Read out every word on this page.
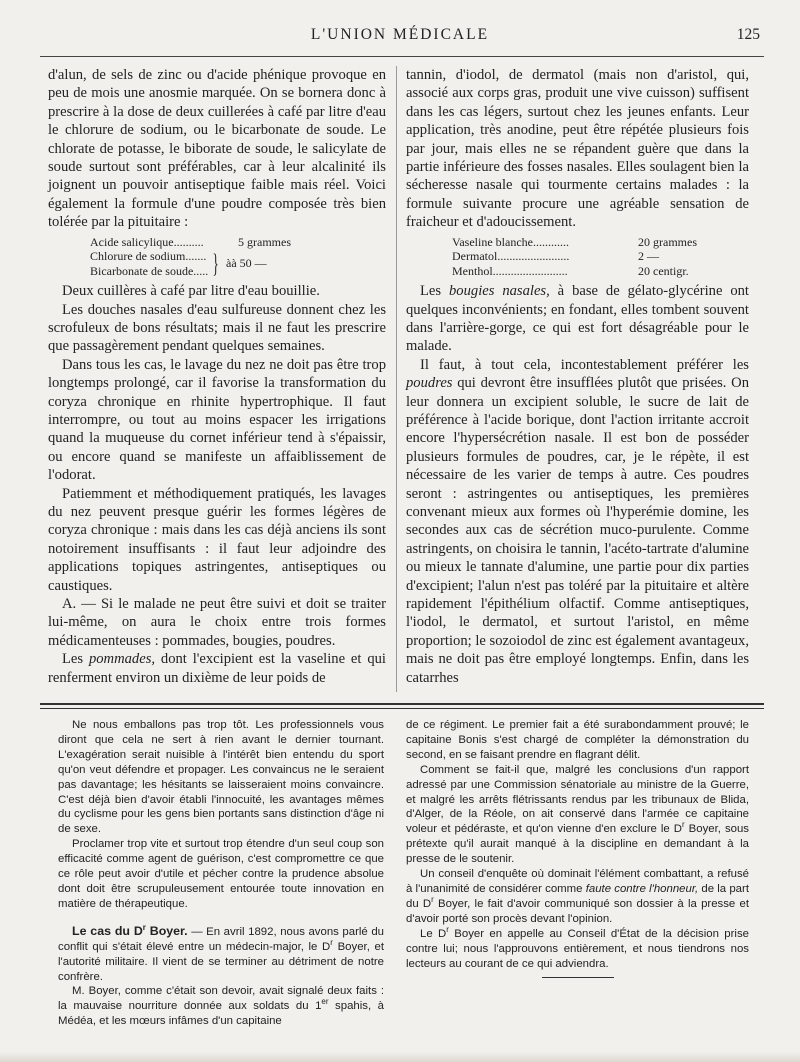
L'UNION MÉDICALE	125

d'alun, de sels de zinc ou d'acide phénique provoque en peu de mois une anosmie marquée. On se bornera donc à prescrire à la dose de deux cuillerées à café par litre d'eau le chlorure de sodium, ou le bicarbonate de soude. Le chlorate de potasse, le biborate de soude, le salicylate de soude surtout sont préférables, car à leur alcalinité ils joignent un pouvoir antiseptique faible mais réel. Voici également la formule d'une poudre composée très bien tolérée par la pituitaire :

Acide salicylique..........	5 grammes
Chlorure de sodium.......
Bicarbonate de soude..... } àà 50 —

Deux cuillères à café par litre d'eau bouillie.

Les douches nasales d'eau sulfureuse donnent chez les scrofuleux de bons résultats; mais il ne faut les prescrire que passagèrement pendant quelques semaines.

Dans tous les cas, le lavage du nez ne doit pas être trop longtemps prolongé, car il favorise la transformation du coryza chronique en rhinite hypertrophique. Il faut interrompre, ou tout au moins espacer les irrigations quand la muqueuse du cornet inférieur tend à s'épaissir, ou encore quand se manifeste un affaiblissement de l'odorat.

Patiemment et méthodiquement pratiqués, les lavages du nez peuvent presque guérir les formes légères de coryza chronique : mais dans les cas déjà anciens ils sont notoirement insuffisants : il faut leur adjoindre des applications topiques astringentes, antiseptiques ou caustiques.

A. — Si le malade ne peut être suivi et doit se traiter lui-même, on aura le choix entre trois formes médicamenteuses : pommades, bougies, poudres.

Les pommades, dont l'excipient est la vaseline et qui renferment environ un dixième de leur poids de

tannin, d'iodol, de dermatol (mais non d'aristol, qui, associé aux corps gras, produit une vive cuisson) suffisent dans les cas légers, surtout chez les jeunes enfants. Leur application, très anodine, peut être répétée plusieurs fois par jour, mais elles ne se répandent guère que dans la partie inférieure des fosses nasales. Elles soulagent bien la sécheresse nasale qui tourmente certains malades : la formule suivante procure une agréable sensation de fraicheur et d'adoucissement.

Vaseline blanche............	20 grammes
Dermatol........................	2 —
Menthol.........................	20 centigr.

Les bougies nasales, à base de gélato-glycérine ont quelques inconvénients; en fondant, elles tombent souvent dans l'arrière-gorge, ce qui est fort désagréable pour le malade.

Il faut, à tout cela, incontestablement préférer les poudres qui devront être insufflées plutôt que prisées. On leur donnera un excipient soluble, le sucre de lait de préférence à l'acide borique, dont l'action irritante accroit encore l'hypersécrétion nasale. Il est bon de posséder plusieurs formules de poudres, car, je le répète, il est nécessaire de les varier de temps à autre. Ces poudres seront : astringentes ou antiseptiques, les premières convenant mieux aux formes où l'hyperémie domine, les secondes aux cas de sécrétion muco-purulente. Comme astringents, on choisira le tannin, l'acéto-tartrate d'alumine ou mieux le tannate d'alumine, une partie pour dix parties d'excipient; l'alun n'est pas toléré par la pituitaire et altère rapidement l'épithélium olfactif. Comme antiseptiques, l'iodol, le dermatol, et surtout l'aristol, en même proportion; le sozoiodol de zinc est également avantageux, mais ne doit pas être employé longtemps. Enfin, dans les catarrhes

Ne nous emballons pas trop tôt. Les professionnels vous diront que cela ne sert à rien avant le dernier tournant. L'exagération serait nuisible à l'intérêt bien entendu du sport qu'on veut défendre et propager. Les convaincus ne le seraient pas davantage; les hésitants se laisseraient moins convaincre. C'est déjà bien d'avoir établi l'innocuité, les avantages mêmes du cyclisme pour les gens bien portants sans distinction d'âge ni de sexe.

Proclamer trop vite et surtout trop étendre d'un seul coup son efficacité comme agent de guérison, c'est compromettre ce que ce rôle peut avoir d'utile et pécher contre la prudence absolue dont doit être scrupuleusement entourée toute innovation en matière de thérapeutique.

Le cas du $D^r$ Boyer. — En avril 1892, nous avons parlé du conflit qui s'était élevé entre un médecin-major, le $D^r$ Boyer, et l'autorité militaire. Il vient de se terminer au détriment de notre confrère.

M. Boyer, comme c'était son devoir, avait signalé deux faits : la mauvaise nourriture donnée aux soldats du 1er spahis, à Médéa, et les mœurs infâmes d'un capitaine

de ce régiment. Le premier fait a été surabondamment prouvé; le capitaine Bonis s'est chargé de compléter la démonstration du second, en se faisant prendre en flagrant délit.

Comment se fait-il que, malgré les conclusions d'un rapport adressé par une Commission sénatoriale au ministre de la Guerre, et malgré les arrêts flétrissants rendus par les tribunaux de Blida, d'Alger, de la Réole, on ait conservé dans l'armée ce capitaine voleur et pédéraste, et qu'on vienne d'en exclure le $D^r$ Boyer, sous prétexte qu'il aurait manqué à la discipline en demandant à la presse de le soutenir.

Un conseil d'enquête où dominait l'élément combattant, a refusé à l'unanimité de considérer comme faute contre l'honneur, de la part du $D^r$ Boyer, le fait d'avoir communiqué son dossier à la presse et d'avoir porté son procès devant l'opinion.

Le $D^r$ Boyer en appelle au Conseil d'État de la décision prise contre lui; nous l'approuvons entièrement, et nous tiendrons nos lecteurs au courant de ce qui adviendra.
